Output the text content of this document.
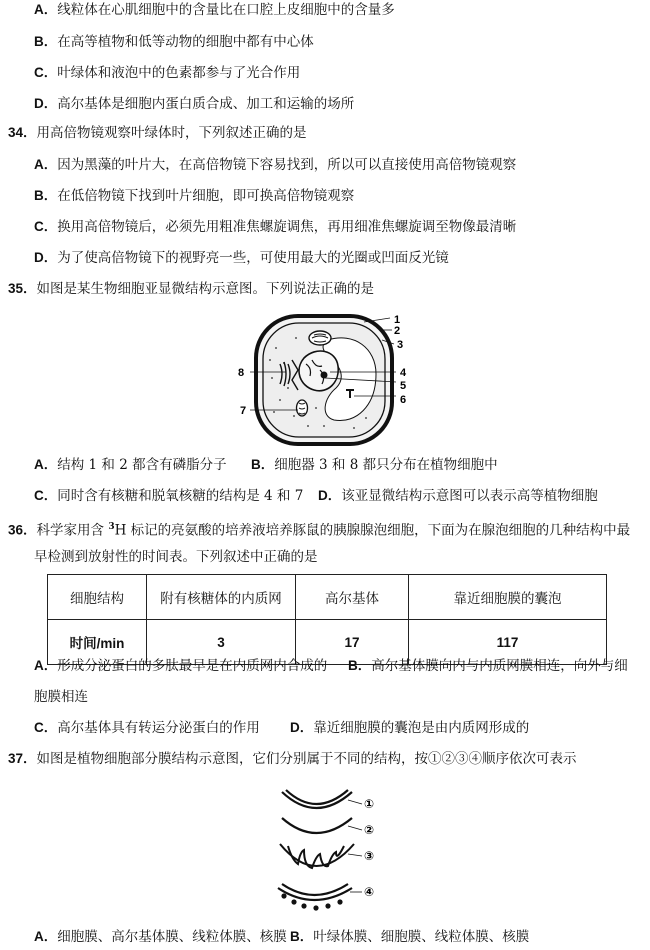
A．线粒体在心肌细胞中的含量比在口腔上皮细胞中的含量多
B．在高等植物和低等动物的细胞中都有中心体
C．叶绿体和液泡中的色素都参与了光合作用
D．高尔基体是细胞内蛋白质合成、加工和运输的场所
34．用高倍物镜观察叶绿体时，下列叙述正确的是
A．因为黑藻的叶片大，在高倍物镜下容易找到，所以可以直接使用高倍物镜观察
B．在低倍物镜下找到叶片细胞，即可换高倍物镜观察
C．换用高倍物镜后，必须先用粗准焦螺旋调焦，再用细准焦螺旋调至物像最清晰
D．为了使高倍物镜下的视野亮一些，可使用最大的光圈或凹面反光镜
35．如图是某生物细胞亚显微结构示意图。下列说法正确的是
1
2
3
4
5
6
7
8
A．结构 1 和 2 都含有磷脂分子 B．细胞器 3 和 8 都只分布在植物细胞中
C．同时含有核糖和脱氧核糖的结构是 4 和 7 D．该亚显微结构示意图可以表示高等植物细胞
36．科学家用含 $^3$H 标记的亮氨酸的培养液培养豚鼠的胰腺腺泡细胞，下面为在腺泡细胞的几种结构中最
早检测到放射性的时间表。下列叙述中正确的是
细胞结构	附有核糖体的内质网	高尔基体	靠近细胞膜的囊泡
时间/min	3	17	117
A．形成分泌蛋白的多肽最早是在内质网内合成的 B．高尔基体膜向内与内质网膜相连，向外与细
胞膜相连
C．高尔基体具有转运分泌蛋白的作用 D．靠近细胞膜的囊泡是由内质网形成的
37．如图是植物细胞部分膜结构示意图，它们分别属于不同的结构，按①②③④顺序依次可表示
①
②
③
④
A．细胞膜、高尔基体膜、线粒体膜、核膜 B．叶绿体膜、细胞膜、线粒体膜、核膜
